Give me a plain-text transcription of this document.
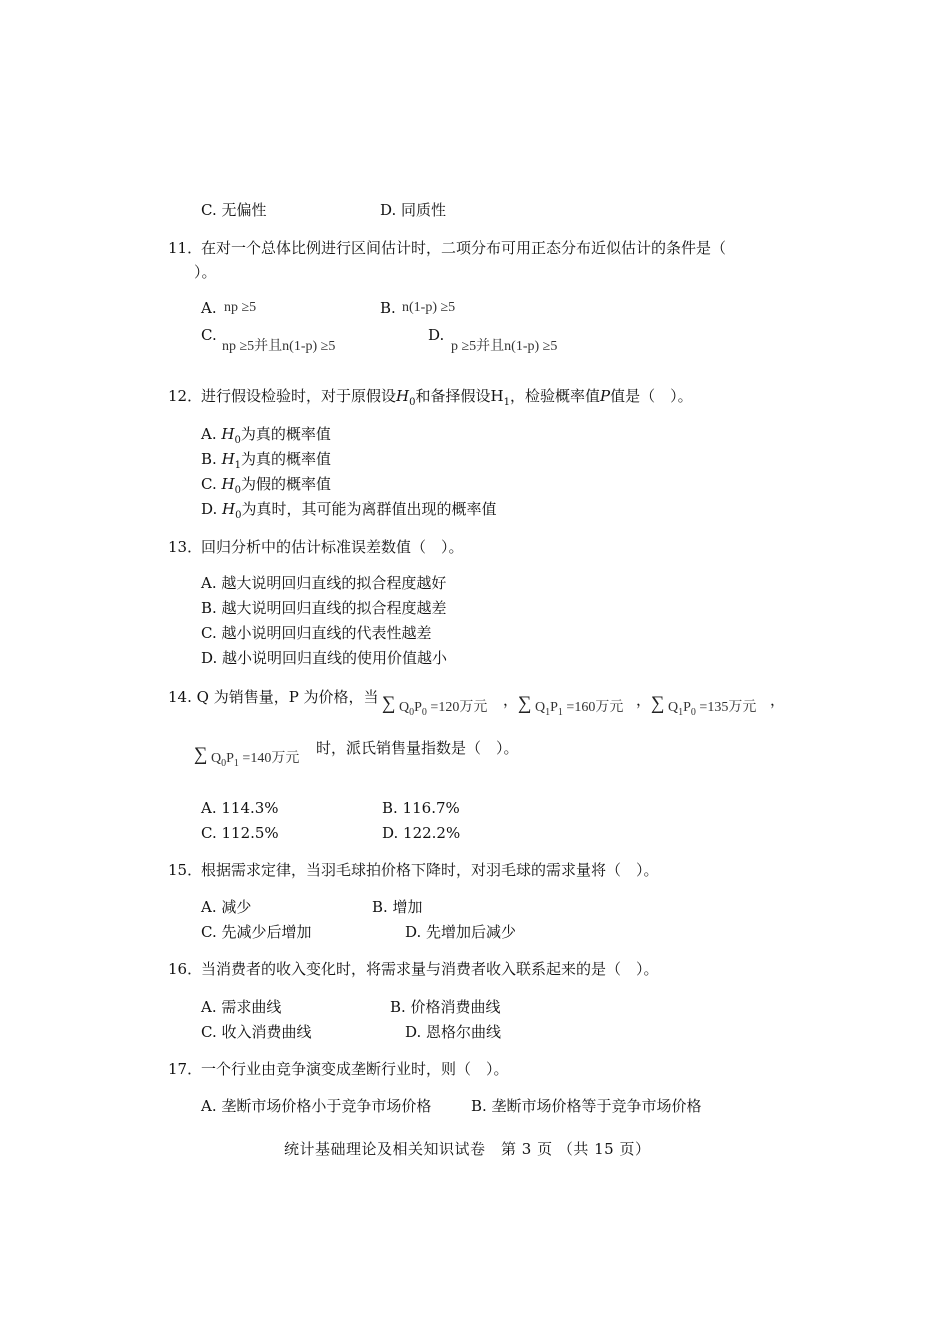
C. 无偏性	D. 同质性
11．
在对一个总体比例进行区间估计时，二项分布可用正态分布近似估计的条件是（
）。
A. np ≥5	B. n(1-p) ≥5
C.
np ≥5并且n(1-p) ≥5
D.
p ≥5并且n(1-p) ≥5
12．
进行假设检验时，对于原假设$H_0$和备择假设$H_1$，检验概率值P值是（　）。
A. $H_0$为真的概率值
B. $H_1$为真的概率值
C. $H_0$为假的概率值
D. $H_0$为真时，其可能为离群值出现的概率值
13．
回归分析中的估计标准误差数值（　）。
A. 越大说明回归直线的拟合程度越好
B. 越大说明回归直线的拟合程度越差
C. 越小说明回归直线的代表性越差
D. 越小说明回归直线的使用价值越小
14. Q 为销售量，P 为价格，当 ∑ $Q_0P_0 =120$万元 ， ∑ $Q_1P_1 =160$万元 ， ∑ $Q_1P_0 =135$万元 ，
∑ $Q_0P_1 =140$万元
时，派氏销售量指数是（　）。
A. 114.3%	B. 116.7%
C. 112.5%	D. 122.2%
15．
根据需求定律，当羽毛球拍价格下降时，对羽毛球的需求量将（　）。
A. 减少	B. 增加
C. 先减少后增加	D. 先增加后减少
16．
当消费者的收入变化时，将需求量与消费者收入联系起来的是（　）。
A. 需求曲线	B. 价格消费曲线
C. 收入消费曲线	D. 恩格尔曲线
17．
一个行业由竞争演变成垄断行业时，则（　）。
A. 垄断市场价格小于竞争市场价格	B. 垄断市场价格等于竞争市场价格
统计基础理论及相关知识试卷　第 3 页 （共 15 页）
